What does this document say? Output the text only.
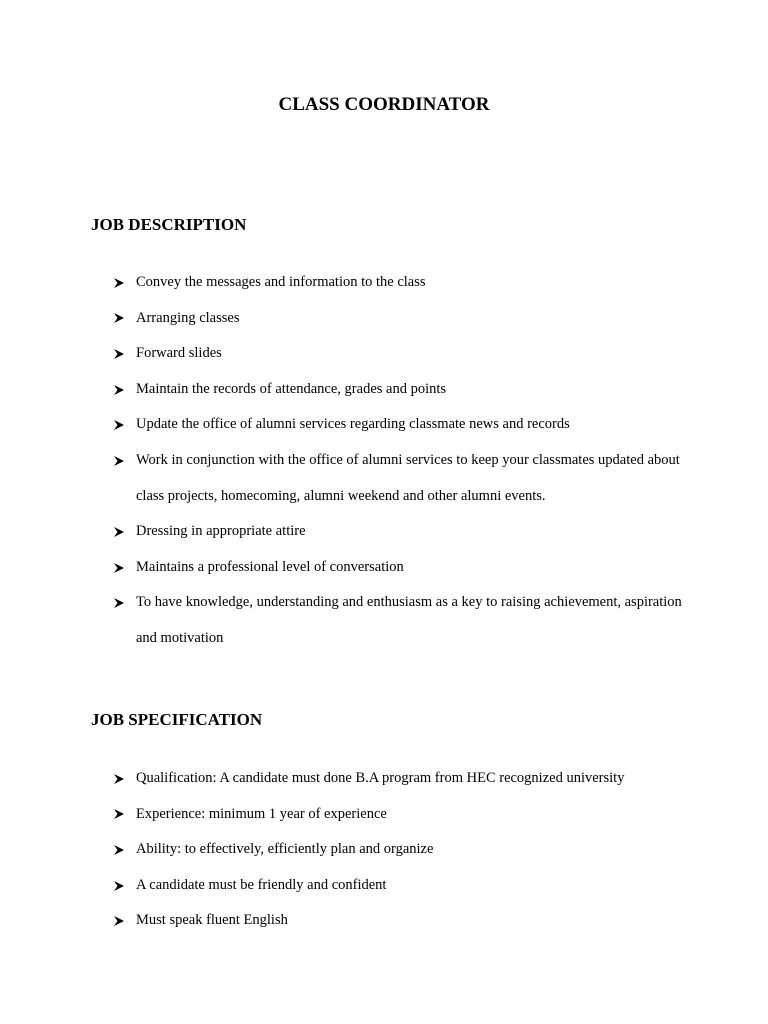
CLASS COORDINATOR
JOB DESCRIPTION
Convey the messages and information to the class
Arranging classes
Forward slides
Maintain the records of attendance, grades and points
Update the office of alumni services regarding classmate news and records
Work in conjunction with the office of alumni services to keep your classmates updated about class projects, homecoming, alumni weekend and other alumni events.
Dressing in appropriate attire
Maintains a professional level of conversation
To have knowledge, understanding and enthusiasm as a key to raising achievement, aspiration and motivation
JOB SPECIFICATION
Qualification: A candidate must done B.A program from HEC recognized university
Experience: minimum 1 year of experience
Ability: to effectively, efficiently plan and organize
A candidate must be friendly and confident
Must speak fluent English
